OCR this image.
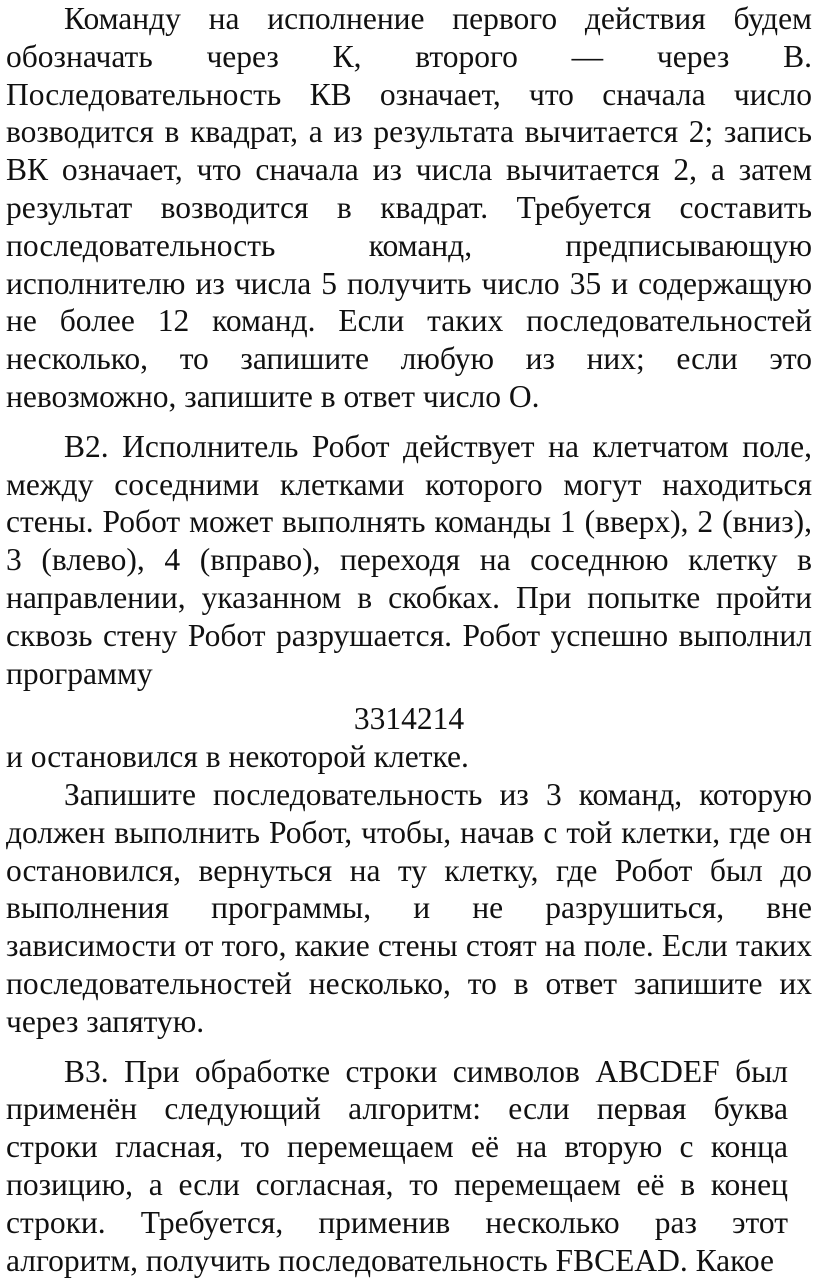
Команду на исполнение первого действия будем обозначать через К, второго — через В. Последовательность КВ означает, что сначала число возводится в квадрат, а из результата вычитается 2; запись ВК означает, что сначала из числа вычитается 2, а затем результат возводится в квадрат. Требуется составить последовательность команд, предписывающую исполнителю из числа 5 получить число 35 и содержащую не более 12 команд. Если таких последовательностей несколько, то запишите любую из них; если это невозможно, запишите в ответ число О.

В2. Исполнитель Робот действует на клетчатом поле, между соседними клетками которого могут находиться стены. Робот может выполнять команды 1 (вверх), 2 (вниз), 3 (влево), 4 (вправо), переходя на соседнюю клетку в направлении, указанном в скобках. При попытке пройти сквозь стену Робот разрушается. Робот успешно выполнил программу

3314214

и остановился в некоторой клетке.

Запишите последовательность из 3 команд, которую должен выполнить Робот, чтобы, начав с той клетки, где он остановился, вернуться на ту клетку, где Робот был до выполнения программы, и не разрушиться, вне зависимости от того, какие стены стоят на поле. Если таких последовательностей несколько, то в ответ запишите их через запятую.

В3. При обработке строки символов ABCDEF был применён следующий алгоритм: если первая буква строки гласная, то перемещаем её на вторую с конца позицию, а если согласная, то перемещаем её в конец строки. Требуется, применив несколько раз этот алгоритм, получить последовательность FBCEAD. Какое
